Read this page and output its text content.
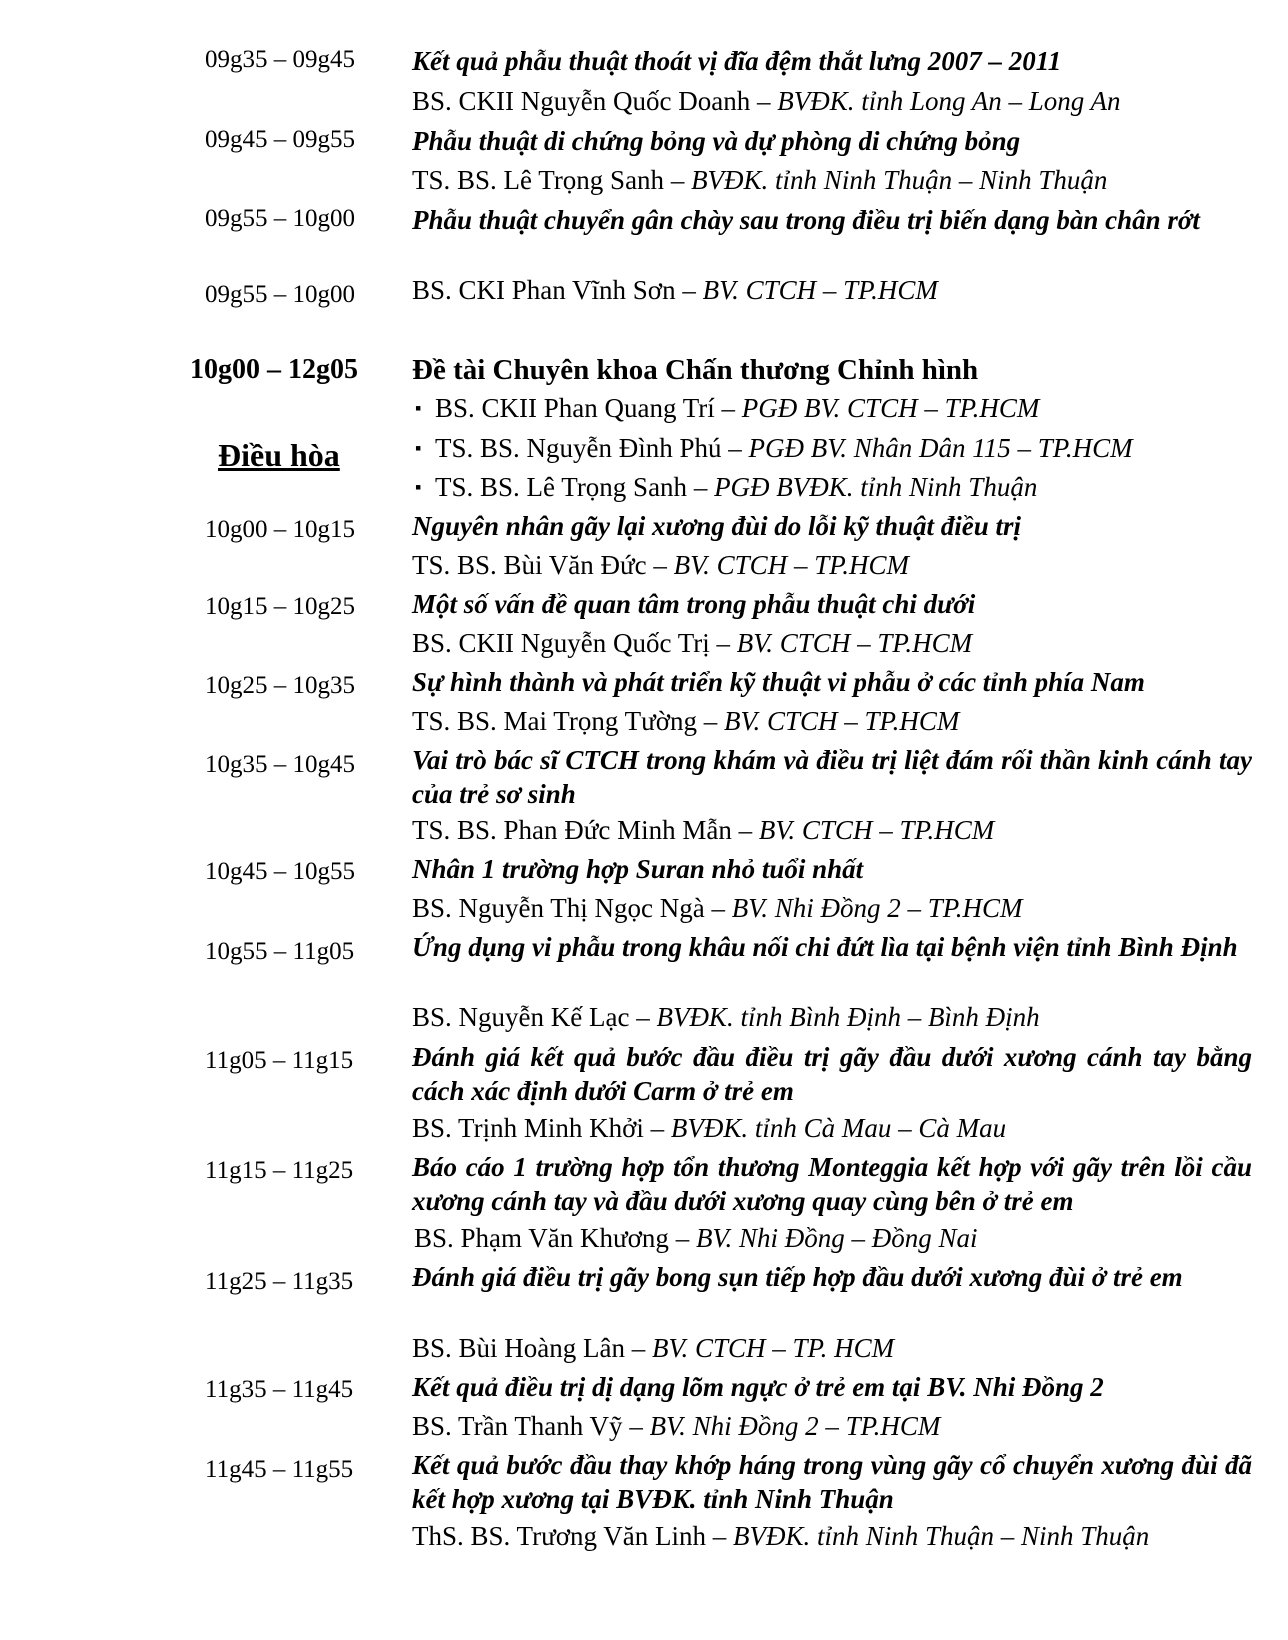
09g35 – 09g45	Kết quả phẫu thuật thoát vị đĩa đệm thắt lưng 2007 – 2011
BS. CKII Nguyễn Quốc Doanh – BVĐK. tỉnh Long An – Long An
09g45 – 09g55	Phẫu thuật di chứng bỏng và dự phòng di chứng bỏng
TS. BS. Lê Trọng Sanh – BVĐK. tỉnh Ninh Thuận – Ninh Thuận
09g55 – 10g00	Phẫu thuật chuyển gân chày sau trong điều trị biến dạng bàn chân rớt
09g55 – 10g00	BS. CKI Phan Vĩnh Sơn – BV. CTCH – TP.HCM
10g00 – 12g05	Đề tài Chuyên khoa Chấn thương Chỉnh hình
Điều hòa
▪ BS. CKII Phan Quang Trí – PGĐ BV. CTCH – TP.HCM
▪ TS. BS. Nguyễn Đình Phú – PGĐ BV. Nhân Dân 115 – TP.HCM
▪ TS. BS. Lê Trọng Sanh – PGĐ BVĐK. tỉnh Ninh Thuận
10g00 – 10g15	Nguyên nhân gãy lại xương đùi do lỗi kỹ thuật điều trị
TS. BS. Bùi Văn Đức – BV. CTCH – TP.HCM
10g15 – 10g25	Một số vấn đề quan tâm trong phẫu thuật chi dưới
BS. CKII Nguyễn Quốc Trị – BV. CTCH – TP.HCM
10g25 – 10g35	Sự hình thành và phát triển kỹ thuật vi phẫu ở các tỉnh phía Nam
TS. BS. Mai Trọng Tường – BV. CTCH – TP.HCM
10g35 – 10g45	Vai trò bác sĩ CTCH trong khám và điều trị liệt đám rối thần kinh cánh tay của trẻ sơ sinh
TS. BS. Phan Đức Minh Mẫn – BV. CTCH – TP.HCM
10g45 – 10g55	Nhân 1 trường hợp Suran nhỏ tuổi nhất
BS. Nguyễn Thị Ngọc Ngà – BV. Nhi Đồng 2 – TP.HCM
10g55 – 11g05	Ứng dụng vi phẫu trong khâu nối chi đứt lìa tại bệnh viện tỉnh Bình Định
BS. Nguyễn Kế Lạc – BVĐK. tỉnh Bình Định – Bình Định
11g05 – 11g15	Đánh giá kết quả bước đầu điều trị gãy đầu dưới xương cánh tay bằng cách xác định dưới Carm ở trẻ em
BS. Trịnh Minh Khởi – BVĐK. tỉnh Cà Mau – Cà Mau
11g15 – 11g25	Báo cáo 1 trường hợp tổn thương Monteggia kết hợp với gãy trên lồi cầu xương cánh tay và đầu dưới xương quay cùng bên ở trẻ em
BS. Phạm Văn Khương – BV. Nhi Đồng – Đồng Nai
11g25 – 11g35	Đánh giá điều trị gãy bong sụn tiếp hợp đầu dưới xương đùi ở trẻ em
BS. Bùi Hoàng Lân – BV. CTCH – TP. HCM
11g35 – 11g45	Kết quả điều trị dị dạng lõm ngực ở trẻ em tại BV. Nhi Đồng 2
BS. Trần Thanh Vỹ – BV. Nhi Đồng 2 – TP.HCM
11g45 – 11g55	Kết quả bước đầu thay khớp háng trong vùng gãy cổ chuyển xương đùi đã kết hợp xương tại BVĐK. tỉnh Ninh Thuận
ThS. BS. Trương Văn Linh – BVĐK. tỉnh Ninh Thuận – Ninh Thuận
